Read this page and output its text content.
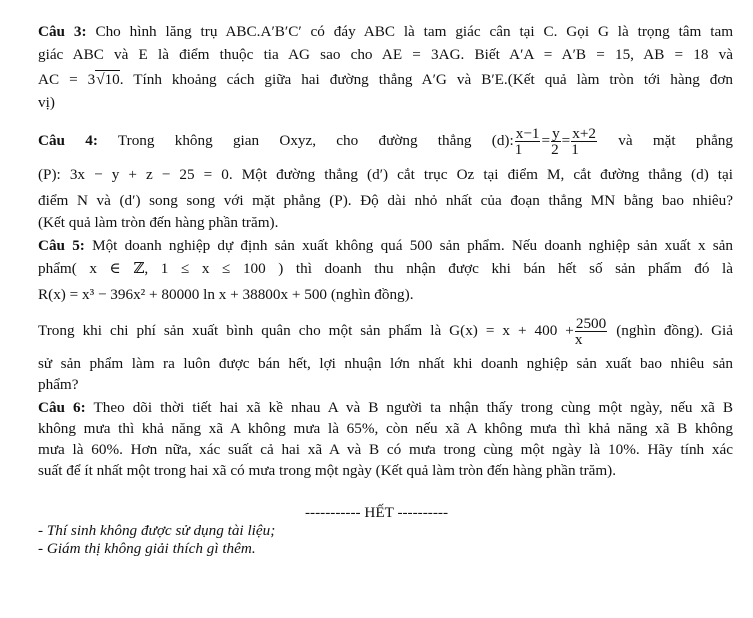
Câu 3: Cho hình lăng trụ ABC.A′B′C′ có đáy ABC là tam giác cân tại C. Gọi G là trọng tâm tam
giác ABC và E là điểm thuộc tia AG sao cho AE = 3AG. Biết A′A = A′B = 15, AB = 18 và
AC = 3√10. Tính khoảng cách giữa hai đường thẳng A′G và B′E.(Kết quả làm tròn tới hàng đơn
vị)
Câu 4: Trong không gian Oxyz, cho đường thẳng (d): $\frac{x-1}{1} = \frac{y}{2} = \frac{x+2}{1}$ và mặt phẳng
(P): 3x − y + z − 25 = 0. Một đường thẳng (d′) cắt trục Oz tại điểm M, cắt đường thẳng (d) tại
điểm N và (d′) song song với mặt phẳng (P). Độ dài nhỏ nhất của đoạn thẳng MN bằng bao nhiêu?
(Kết quả làm tròn đến hàng phần trăm).
Câu 5: Một doanh nghiệp dự định sản xuất không quá 500 sản phẩm. Nếu doanh nghiệp sản xuất x sản
phẩm( x ∈ ℤ, 1 ≤ x ≤ 100 ) thì doanh thu nhận được khi bán hết số sản phẩm đó là
R(x) = x³ − 396x² + 80000 ln x + 38800x + 500 (nghìn đồng).
Trong khi chi phí sản xuất bình quân cho một sản phẩm là $G(x) = x + 400 + \frac{2500}{x}$ (nghìn đồng). Giả
sử sản phẩm làm ra luôn được bán hết, lợi nhuận lớn nhất khi doanh nghiệp sản xuất bao nhiêu sản
phẩm?
Câu 6: Theo dõi thời tiết hai xã kề nhau A và B người ta nhận thấy trong cùng một ngày, nếu xã B
không mưa thì khả năng xã A không mưa là 65%, còn nếu xã A không mưa thì khả năng xã B không
mưa là 60%. Hơn nữa, xác suất cả hai xã A và B có mưa trong cùng một ngày là 10%. Hãy tính xác
suất để ít nhất một trong hai xã có mưa trong một ngày (Kết quả làm tròn đến hàng phần trăm).
----------- HẾT ----------
- Thí sinh không được sử dụng tài liệu;
- Giám thị không giải thích gì thêm.
